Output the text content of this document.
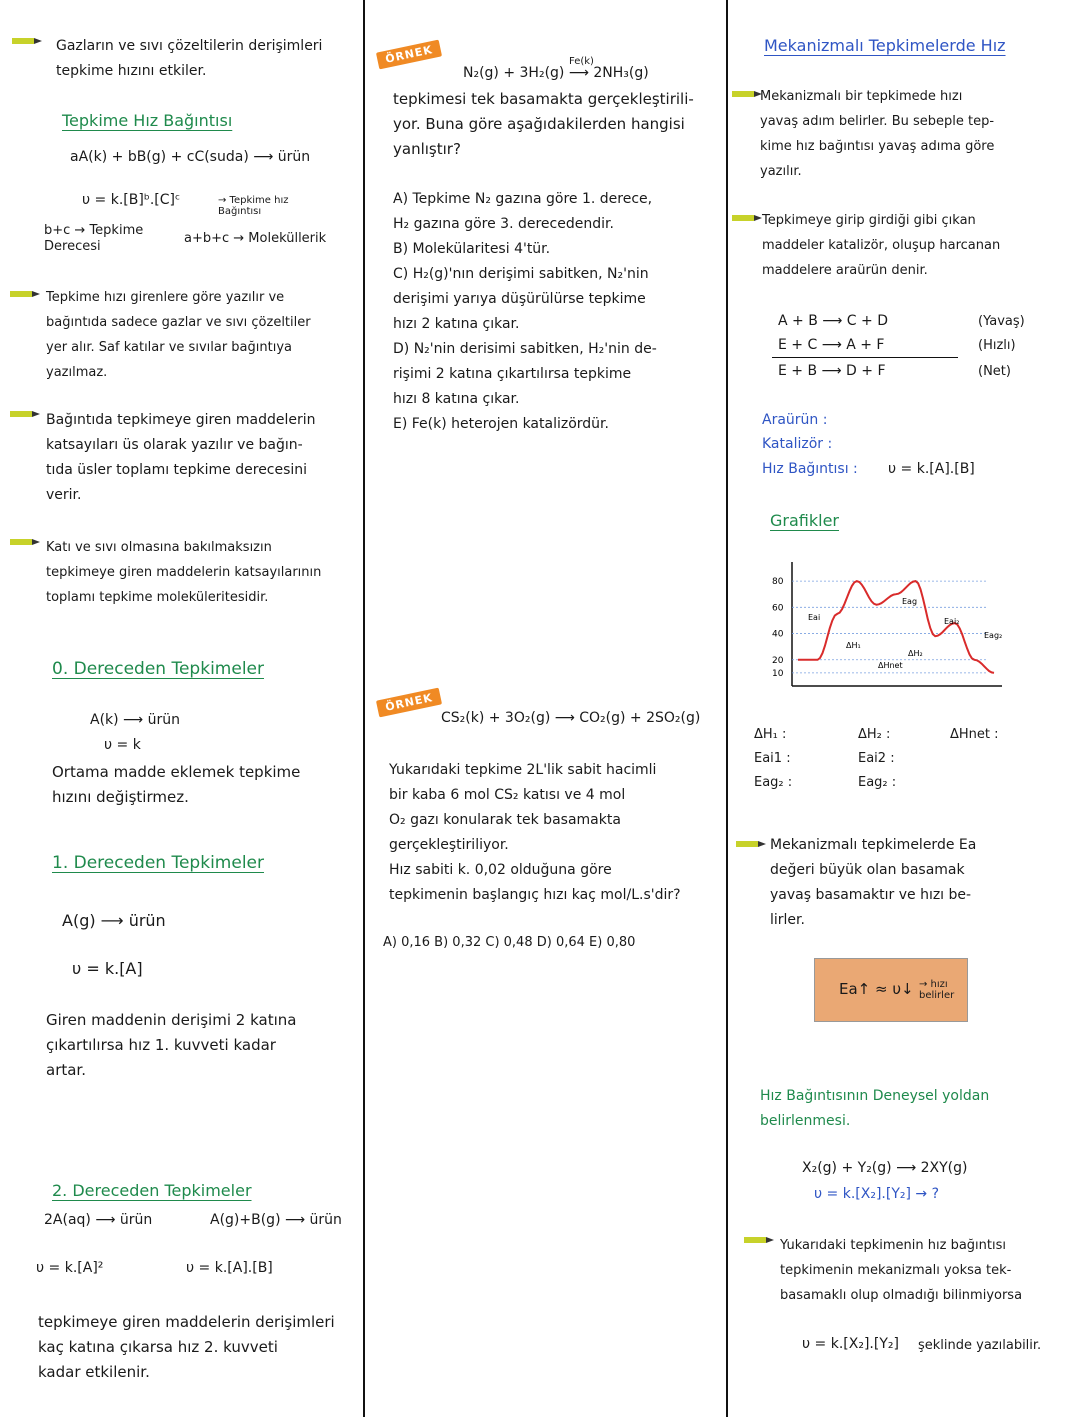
Gazların ve sıvı çözeltilerin derişimleri
tepkime hızını etkiler.
Tepkime Hız Bağıntısı
aA(k) + bB(g) + cC(suda) ⟶ ürün
υ = k.[B]ᵇ.[C]ᶜ	→ Tepkime hız
Bağıntısı
b+c → Tepkime
Derecesi
a+b+c → Moleküllerik
Tepkime hızı girenlere göre yazılır ve
bağıntıda sadece gazlar ve sıvı çözeltiler
yer alır. Saf katılar ve sıvılar bağıntıya
yazılmaz.
Bağıntıda tepkimeye giren maddelerin
katsayıları üs olarak yazılır ve bağın-
tıda üsler toplamı tepkime derecesini
verir.
Katı ve sıvı olmasına bakılmaksızın
tepkimeye giren maddelerin katsayılarının
toplamı tepkime moleküleritesidir.
0. Dereceden Tepkimeler
A(k) ⟶ ürün
υ = k
Ortama madde eklemek tepkime
hızını değiştirmez.
1. Dereceden Tepkimeler
A(g) ⟶ ürün
υ = k.[A]
Giren maddenin derişimi 2 katına
çıkartılırsa hız 1. kuvveti kadar
artar.
2. Dereceden Tepkimeler
2A(aq) ⟶ ürün	A(g)+B(g) ⟶ ürün
υ = k.[A]²	υ = k.[A].[B]
tepkimeye giren maddelerin derişimleri
kaç katına çıkarsa hız 2. kuvveti
kadar etkilenir.
ÖRNEK	Fe(k)
N₂(g) + 3H₂(g) ⟶ 2NH₃(g)
tepkimesi tek basamakta gerçekleştirili-
yor. Buna göre aşağıdakilerden hangisi
yanlıştır?
A) Tepkime N₂ gazına göre 1. derece,
H₂ gazına göre 3. derecedendir.
B) Molekülaritesi 4'tür.
C) H₂(g)'nın derişimi sabitken, N₂'nin
derişimi yarıya düşürülürse tepkime
hızı 2 katına çıkar.
D) N₂'nin derisimi sabitken, H₂'nin de-
rişimi 2 katına çıkartılırsa tepkime
hızı 8 katına çıkar.
E) Fe(k) heterojen katalizördür.
ÖRNEK
CS₂(k) + 3O₂(g) ⟶ CO₂(g) + 2SO₂(g)
Yukarıdaki tepkime 2L'lik sabit hacimli
bir kaba 6 mol CS₂ katısı ve 4 mol
O₂ gazı konularak tek basamakta
gerçekleştiriliyor.
Hız sabiti k. 0,02 olduğuna göre
tepkimenin başlangıç hızı kaç mol/L.s'dir?
A) 0,16 B) 0,32 C) 0,48 D) 0,64 E) 0,80
Mekanizmalı Tepkimelerde Hız
Mekanizmalı bir tepkimede hızı
yavaş adım belirler. Bu sebeple tep-
kime hız bağıntısı yavaş adıma göre
yazılır.
Tepkimeye girip girdiği gibi çıkan
maddeler katalizör, oluşup harcanan
maddelere araürün denir.
A + B ⟶ C + D	(Yavaş)
E + C ⟶ A + F	(Hızlı)
E + B ⟶ D + F	(Net)
Araürün :
Katalizör :
Hız Bağıntısı : υ = k.[A].[B]
Grafikler
10
20
40
60
80
Eai
ΔH₁
Eag
Eai₂
ΔH₂
ΔHnet
Eag₂
ΔH₁ :	ΔH₂ :	ΔHnet :
Eai1 :	Eai2 :
Eag₂ :	Eag₂ :
Mekanizmalı tepkimelerde Ea
değeri büyük olan basamak
yavaş basamaktır ve hızı be-
lirler.
Ea↑ ≈ υ↓ → hızı
belirler
Hız Bağıntısının Deneysel yoldan
belirlenmesi.
X₂(g) + Y₂(g) ⟶ 2XY(g)
υ = k.[X₂].[Y₂] → ?
Yukarıdaki tepkimenin hız bağıntısı
tepkimenin mekanizmalı yoksa tek-
basamaklı olup olmadığı bilinmiyorsa
υ = k.[X₂].[Y₂] şeklinde yazılabilir.
